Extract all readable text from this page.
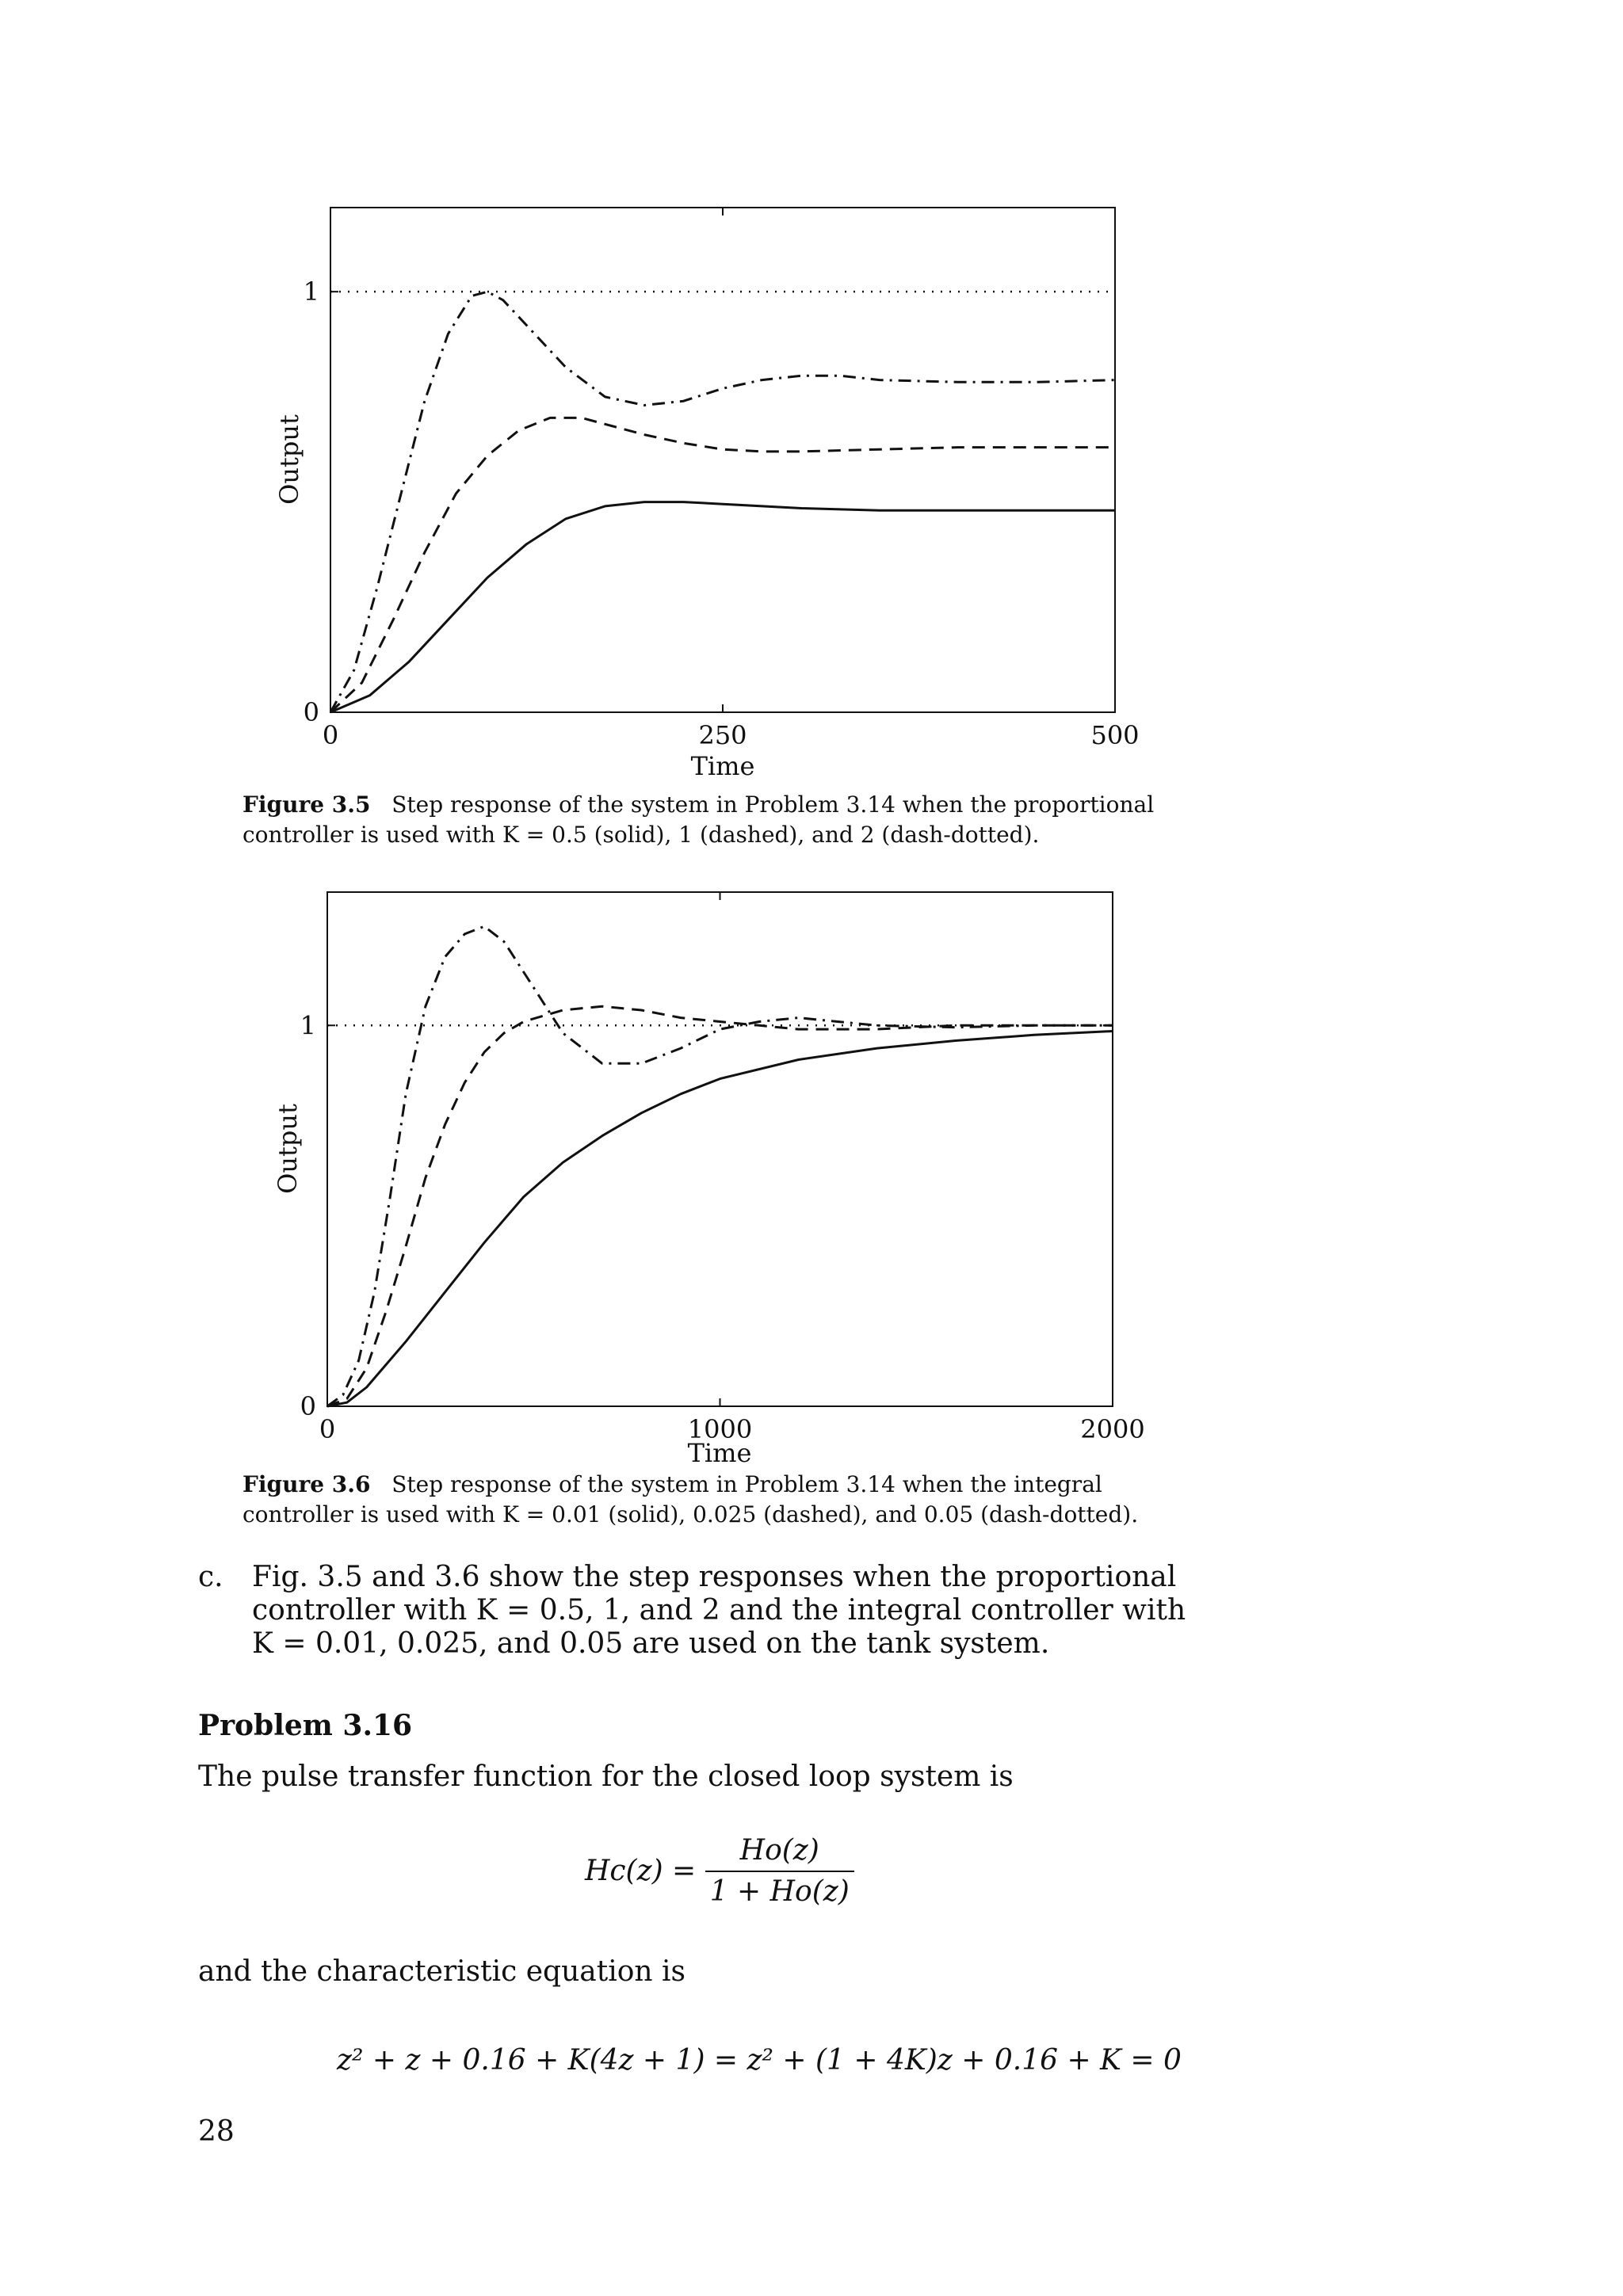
0	250	500
0
1
Output
Time
Figure 3.5 Step response of the system in Problem 3.14 when the proportional controller is used with K = 0.5 (solid), 1 (dashed), and 2 (dash-dotted).
0	1000	2000
0
1
Output
Time
Figure 3.6 Step response of the system in Problem 3.14 when the integral controller is used with K = 0.01 (solid), 0.025 (dashed), and 0.05 (dash-dotted).
c. Fig. 3.5 and 3.6 show the step responses when the proportional controller with K = 0.5, 1, and 2 and the integral controller with K = 0.01, 0.025, and 0.05 are used on the tank system.
Problem 3.16
The pulse transfer function for the closed loop system is
$Hc(z) = \frac{Ho(z)}{1 + Ho(z)}$
and the characteristic equation is
z² + z + 0.16 + K(4z + 1) = z² + (1 + 4K)z + 0.16 + K = 0
28
